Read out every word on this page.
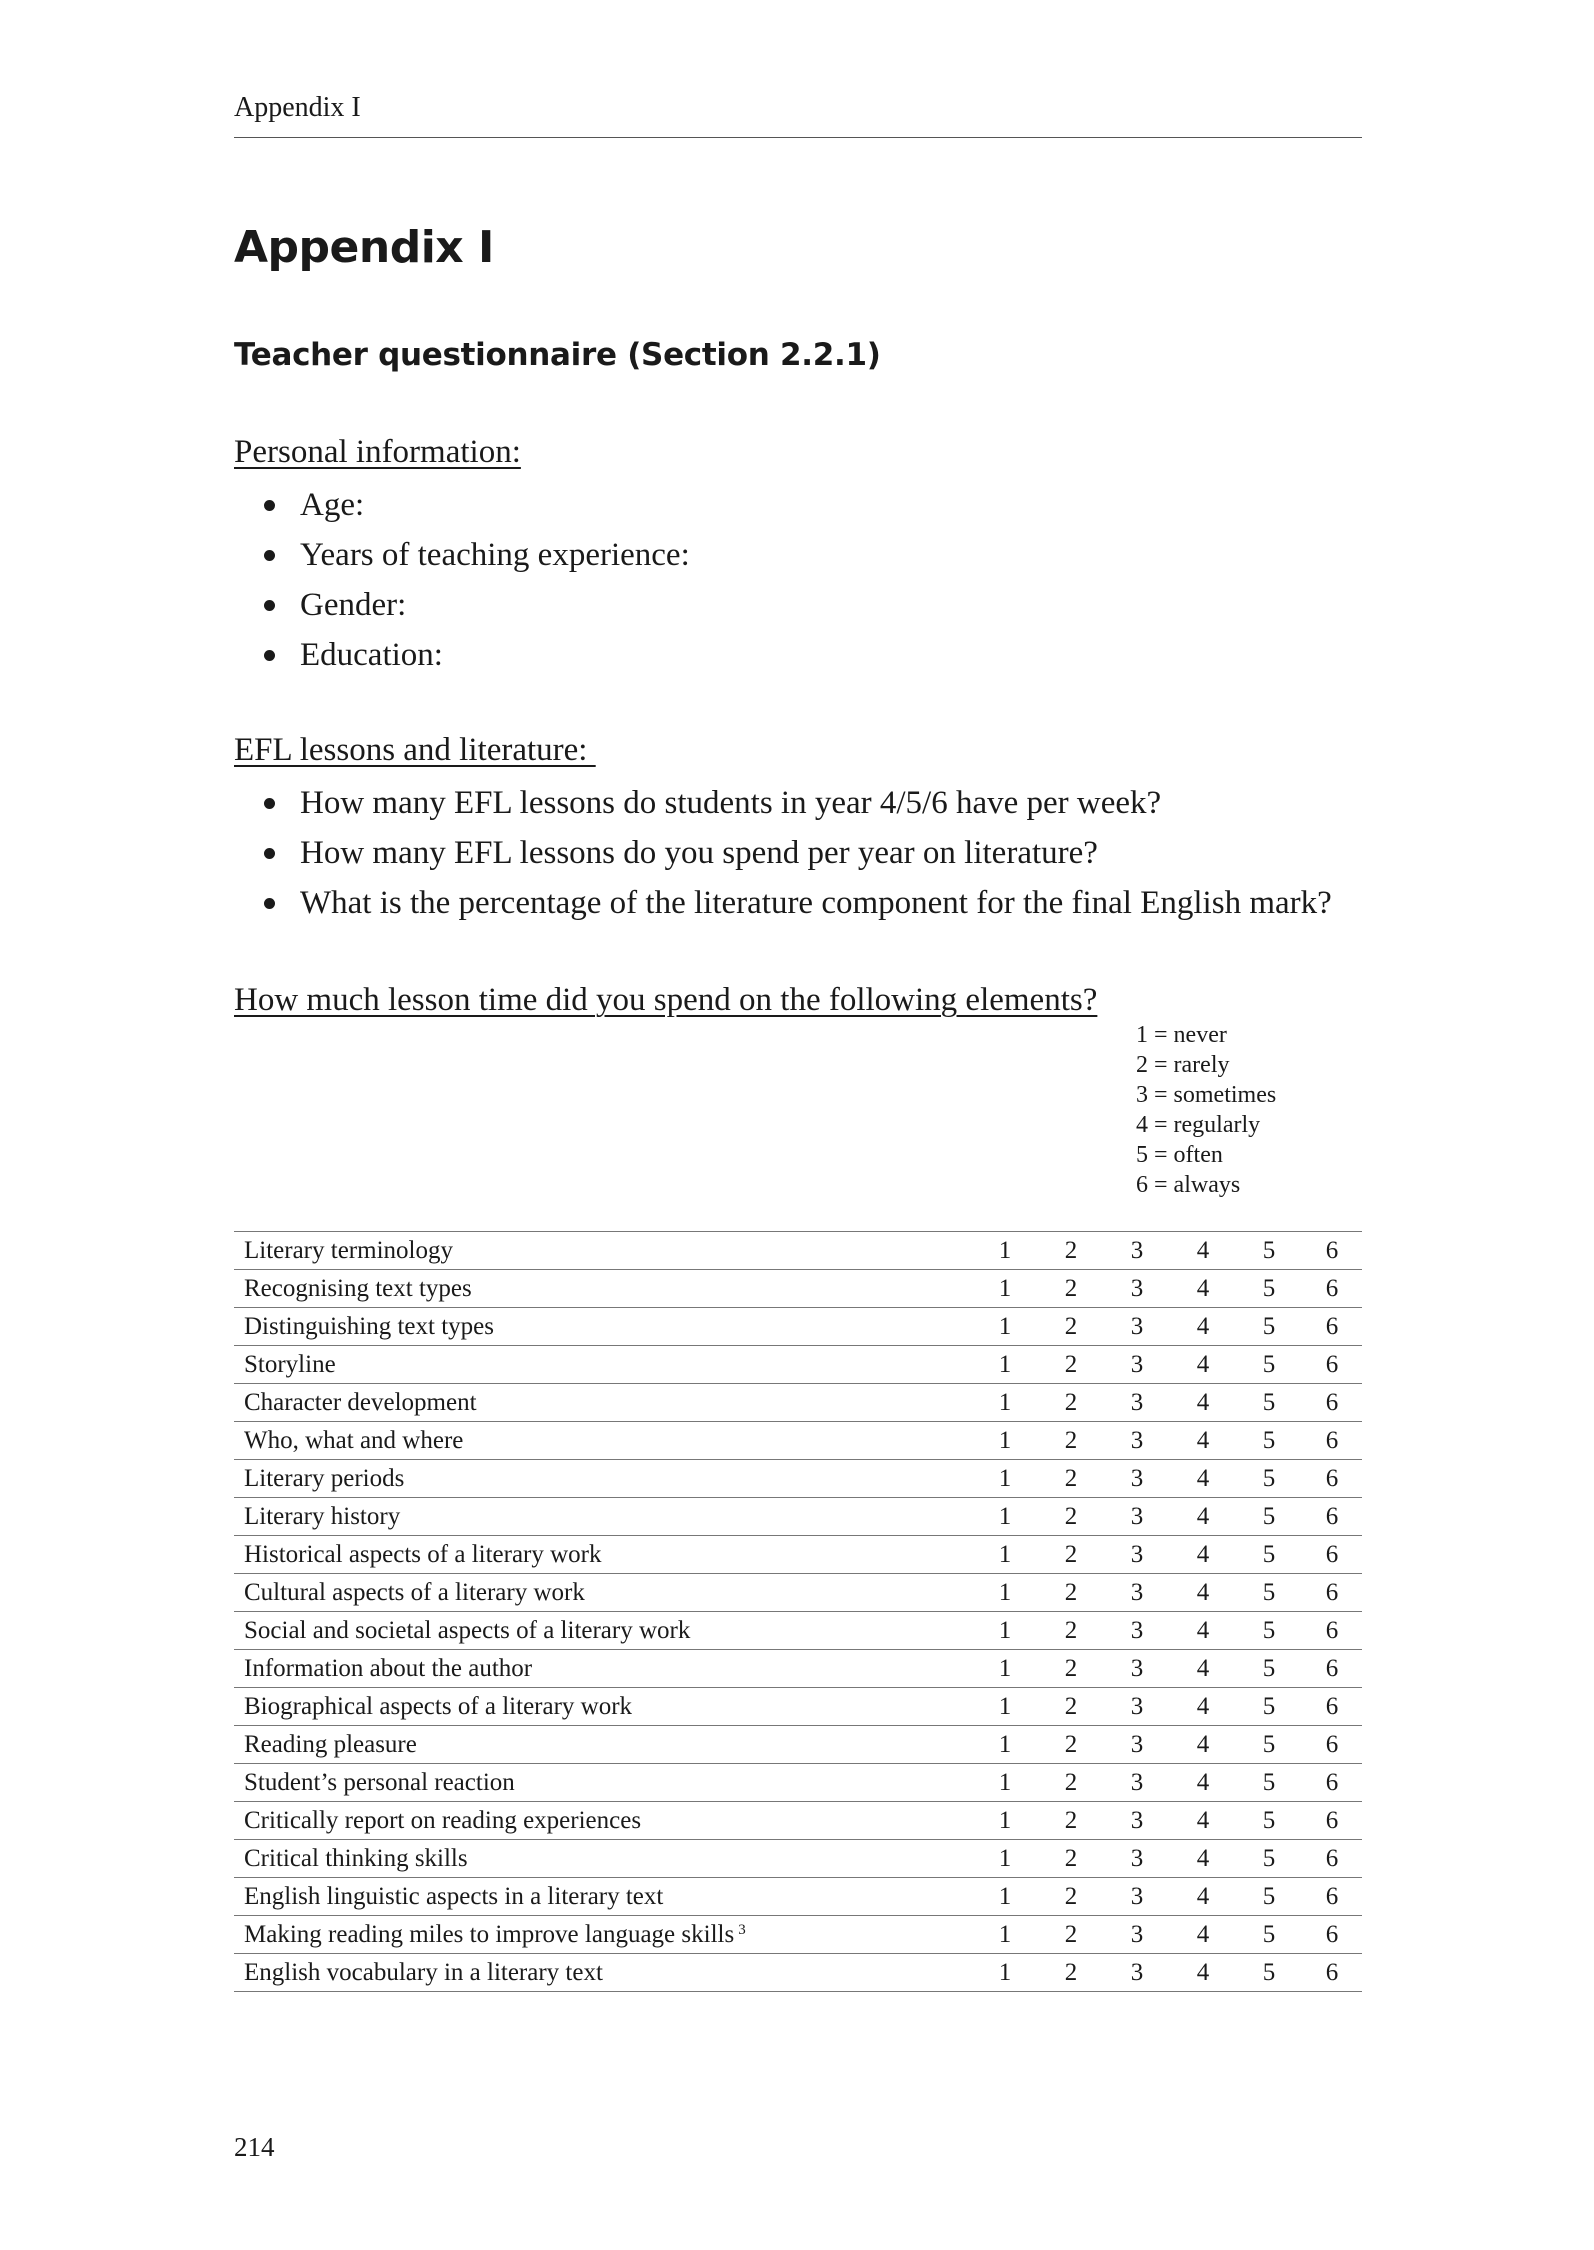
Appendix I
Appendix I
Teacher questionnaire (Section 2.2.1)
Personal information:
Age:
Years of teaching experience:
Gender:
Education:
EFL lessons and literature:
How many EFL lessons do students in year 4/5/6 have per week?
How many EFL lessons do you spend per year on literature?
What is the percentage of the literature component for the final English mark?
How much lesson time did you spend on the following elements?
1 = never
2 = rarely
3 = sometimes
4 = regularly
5 = often
6 = always
Literary terminology	1	2	3	4	5	6
Recognising text types	1	2	3	4	5	6
Distinguishing text types	1	2	3	4	5	6
Storyline	1	2	3	4	5	6
Character development	1	2	3	4	5	6
Who, what and where	1	2	3	4	5	6
Literary periods	1	2	3	4	5	6
Literary history	1	2	3	4	5	6
Historical aspects of a literary work	1	2	3	4	5	6
Cultural aspects of a literary work	1	2	3	4	5	6
Social and societal aspects of a literary work	1	2	3	4	5	6
Information about the author	1	2	3	4	5	6
Biographical aspects of a literary work	1	2	3	4	5	6
Reading pleasure	1	2	3	4	5	6
Student’s personal reaction	1	2	3	4	5	6
Critically report on reading experiences	1	2	3	4	5	6
Critical thinking skills	1	2	3	4	5	6
English linguistic aspects in a literary text	1	2	3	4	5	6
Making reading miles to improve language skills $^3$	1	2	3	4	5	6
English vocabulary in a literary text	1	2	3	4	5	6
214
